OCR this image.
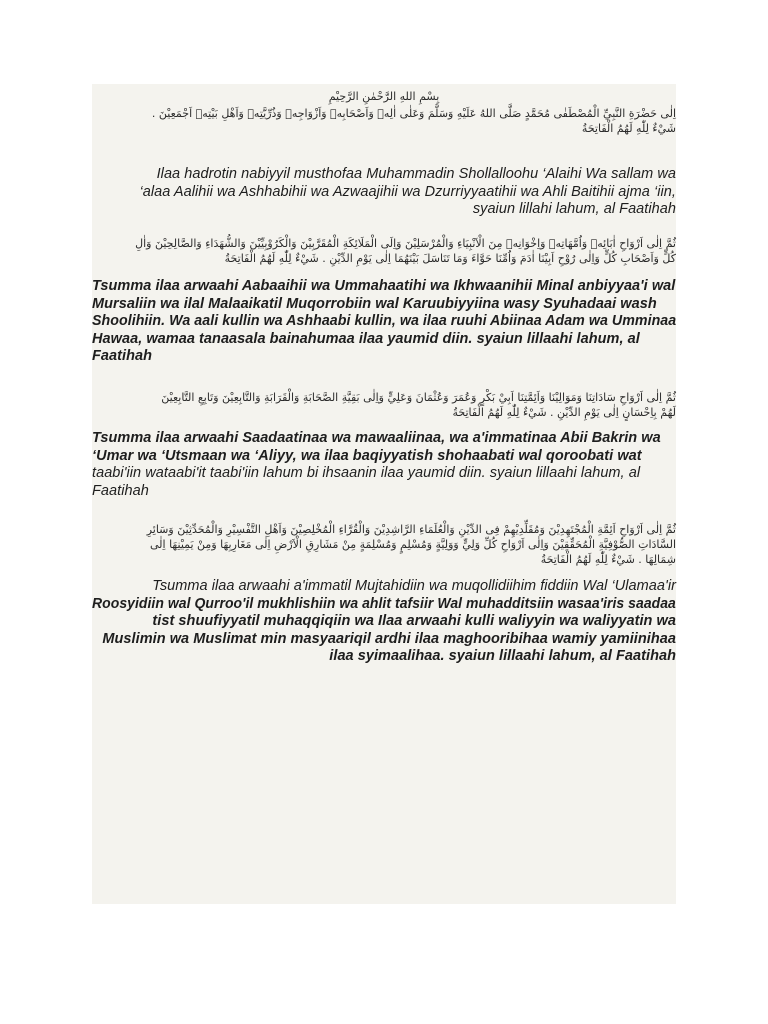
بِسْمِ اللهِ الرَّحْمٰنِ الرَّحِيْمِ
اِلٰى حَضْرَةِ النَّبِيِّ الْمُصْطَفٰى مُحَمَّدٍ صَلَّى اللهُ عَلَيْهِ وَسَلَّمَ وَعَلٰى اٰلِهٖ وَاَصْحَابِهٖ وَاَزْوَاجِهٖ وَذُرِّيَّتِهٖ وَاَهْلِ بَيْتِهٖ اَجْمَعِيْنَ .
شَيْءٌ لِلّٰهِ لَهُمُ الْفَاتِحَةُ
Ilaa hadrotin nabiyyil musthofaa Muhammadin Shollalloohu ‘Alaihi Wa sallam wa
‘alaa Aalihii wa Ashhabihii wa Azwaajihii wa Dzurriyyaatihii wa Ahli Baitihii ajma ‘iin,
syaiun lillahi lahum, al Faatihah
ثُمَّ اِلٰى اَرْوَاحِ اٰبَائِهٖ وَاُمَّهَاتِهٖ وَاِخْوَانِهٖ مِنَ الْاَنْبِيَاءِ وَالْمُرْسَلِيْنَ وَاِلَى الْمَلَائِكَةِ الْمُقَرَّبِيْنَ وَالْكَرُوْبِيِّيْنَ وَالشُّهَدَاءِ وَالصَّالِحِيْنَ وَاٰلِ
كُلٍّ وَاَصْحَابِ كُلٍّ وَاِلٰى رُوْحِ اَبِيْنَا اٰدَمَ وَاُمِّنَا حَوَّاءَ وَمَا تَنَاسَلَ بَيْنَهُمَا اِلٰى يَوْمِ الدِّيْنِ . شَيْءٌ لِلّٰهِ لَهُمُ الْفَاتِحَةُ
Tsumma ilaa arwaahi Aabaaihii wa Ummahaatihi wa Ikhwaanihii Minal anbiyyaa'i wal
Mursaliin wa ilal Malaaikatil Muqorrobiin wal Karuubiyyiina wasy Syuhadaai wash
Shoolihiin. Wa aali kullin wa Ashhaabi kullin, wa ilaa ruuhi Abiinaa Adam wa Umminaa
Hawaa, wamaa tanaasala bainahumaa ilaa yaumid diin. syaiun lillaahi lahum, al
Faatihah
ثُمَّ اِلٰى اَرْوَاحِ سَادَاتِنَا وَمَوَالِيْنَا وَاَئِمَّتِنَا اَبِيْ بَكْرٍ وَعُمَرَ وَعُثْمَانَ وَعَلِيٍّ وَاِلٰى بَقِيَّةِ الصَّحَابَةِ وَالْقَرَابَةِ وَالتَّابِعِيْنَ وَتَابِعِ التَّابِعِيْنَ
لَهُمْ بِاِحْسَانٍ اِلٰى يَوْمِ الدِّيْنِ . شَيْءٌ لِلّٰهِ لَهُمُ الْفَاتِحَةُ
Tsumma ilaa arwaahi Saadaatinaa wa mawaaliinaa, wa a'immatinaa Abii Bakrin wa
‘Umar wa ‘Utsmaan wa ‘Aliyy, wa ilaa baqiyyatish shohaabati wal qoroobati wat
taabi'iin wataabi'it taabi'iin lahum bi ihsaanin ilaa yaumid diin. syaiun lillaahi lahum, al
Faatihah
ثُمَّ اِلٰى اَرْوَاحِ اَئِمَّةِ الْمُجْتَهِدِيْنَ وَمُقَلِّدِيْهِمْ فِى الدِّيْنِ وَالْعُلَمَاءِ الرَّاشِدِيْنَ وَالْقُرَّاءِ الْمُخْلِصِيْنَ وَاَهْلِ التَّفْسِيْرِ وَالْمُحَدِّثِيْنَ وَسَائِرِ
السَّادَاتِ الصُّوْفِيَّةِ الْمُحَقِّقِيْنَ وَاِلٰى اَرْوَاحِ كُلِّ وَلِيٍّ وَوَلِيَّةٍ وَمُسْلِمٍ وَمُسْلِمَةٍ مِنْ مَشَارِقِ الْاَرْضِ اِلٰى مَغَارِبِهَا وَمِنْ يَمِيْنِهَا اِلٰى
شِمَالِهَا . شَيْءٌ لِلّٰهِ لَهُمُ الْفَاتِحَةُ
Tsumma ilaa arwaahi a'immatil Mujtahidiin wa muqollidiihim fiddiin Wal ‘Ulamaa'ir
Roosyidiin wal Qurroo'il mukhlishiin wa ahlit tafsiir Wal muhadditsiin wasaa'iris saadaa
tist shuufiyyatil muhaqqiqiin wa Ilaa arwaahi kulli waliyyin wa waliyyatin wa
Muslimin wa Muslimat min masyaariqil ardhi ilaa maghooribihaa wamiy yamiinihaa
ilaa syimaalihaa. syaiun lillaahi lahum, al Faatihah
